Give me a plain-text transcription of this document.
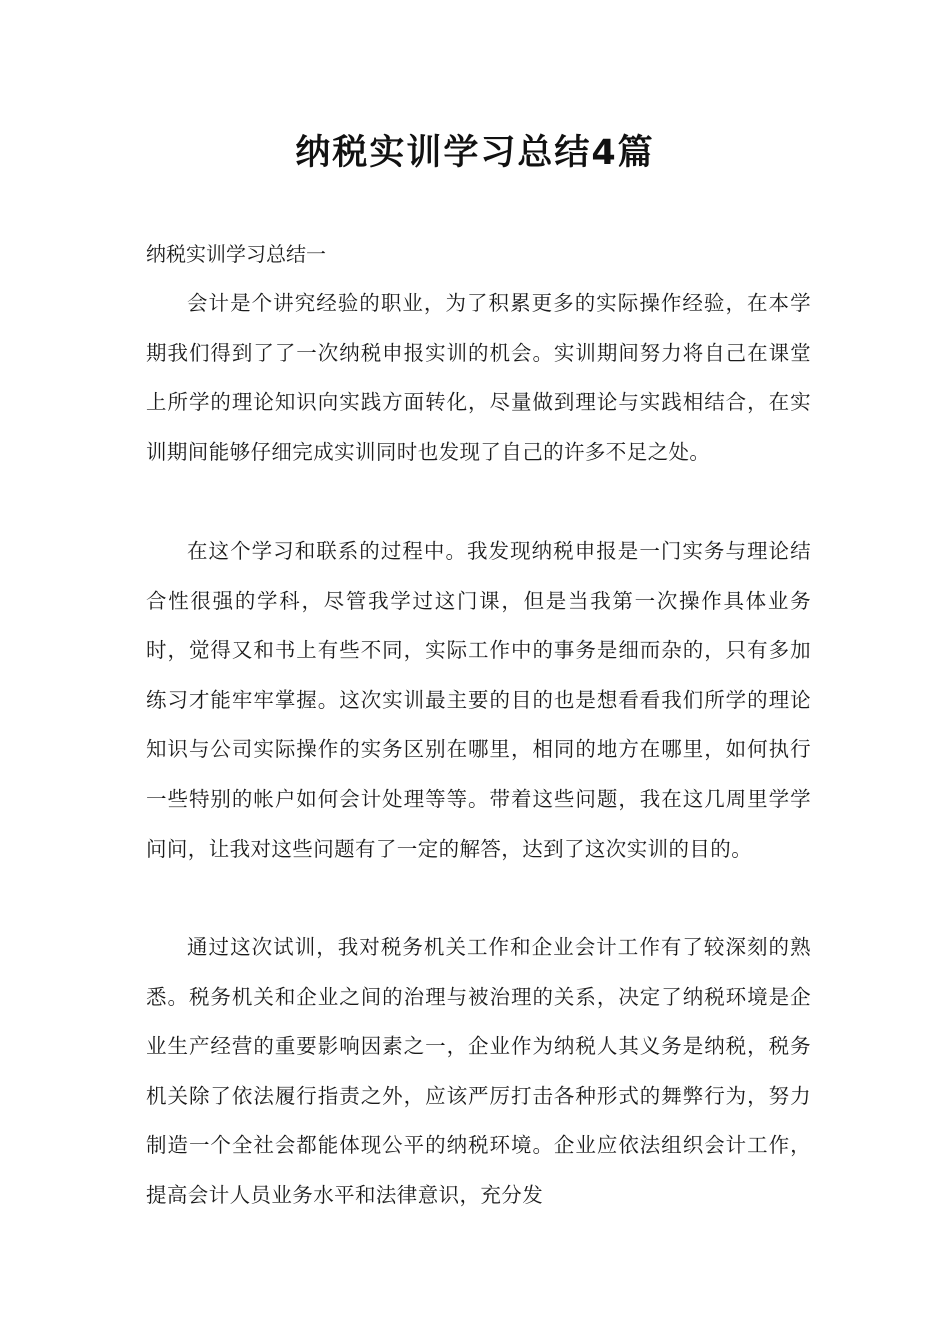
纳税实训学习总结4篇
纳税实训学习总结一

会计是个讲究经验的职业，为了积累更多的实际操作经验，在本学期我们得到了了一次纳税申报实训的机会。实训期间努力将自己在课堂上所学的理论知识向实践方面转化，尽量做到理论与实践相结合，在实训期间能够仔细完成实训同时也发现了自己的许多不足之处。

在这个学习和联系的过程中。我发现纳税申报是一门实务与理论结合性很强的学科，尽管我学过这门课，但是当我第一次操作具体业务时，觉得又和书上有些不同，实际工作中的事务是细而杂的，只有多加练习才能牢牢掌握。这次实训最主要的目的也是想看看我们所学的理论知识与公司实际操作的实务区别在哪里，相同的地方在哪里，如何执行一些特别的帐户如何会计处理等等。带着这些问题，我在这几周里学学问问，让我对这些问题有了一定的解答，达到了这次实训的目的。

通过这次试训，我对税务机关工作和企业会计工作有了较深刻的熟悉。税务机关和企业之间的治理与被治理的关系，决定了纳税环境是企业生产经营的重要影响因素之一，企业作为纳税人其义务是纳税，税务机关除了依法履行指责之外，应该严厉打击各种形式的舞弊行为，努力制造一个全社会都能体现公平的纳税环境。企业应依法组织会计工作，提高会计人员业务水平和法律意识，充分发
